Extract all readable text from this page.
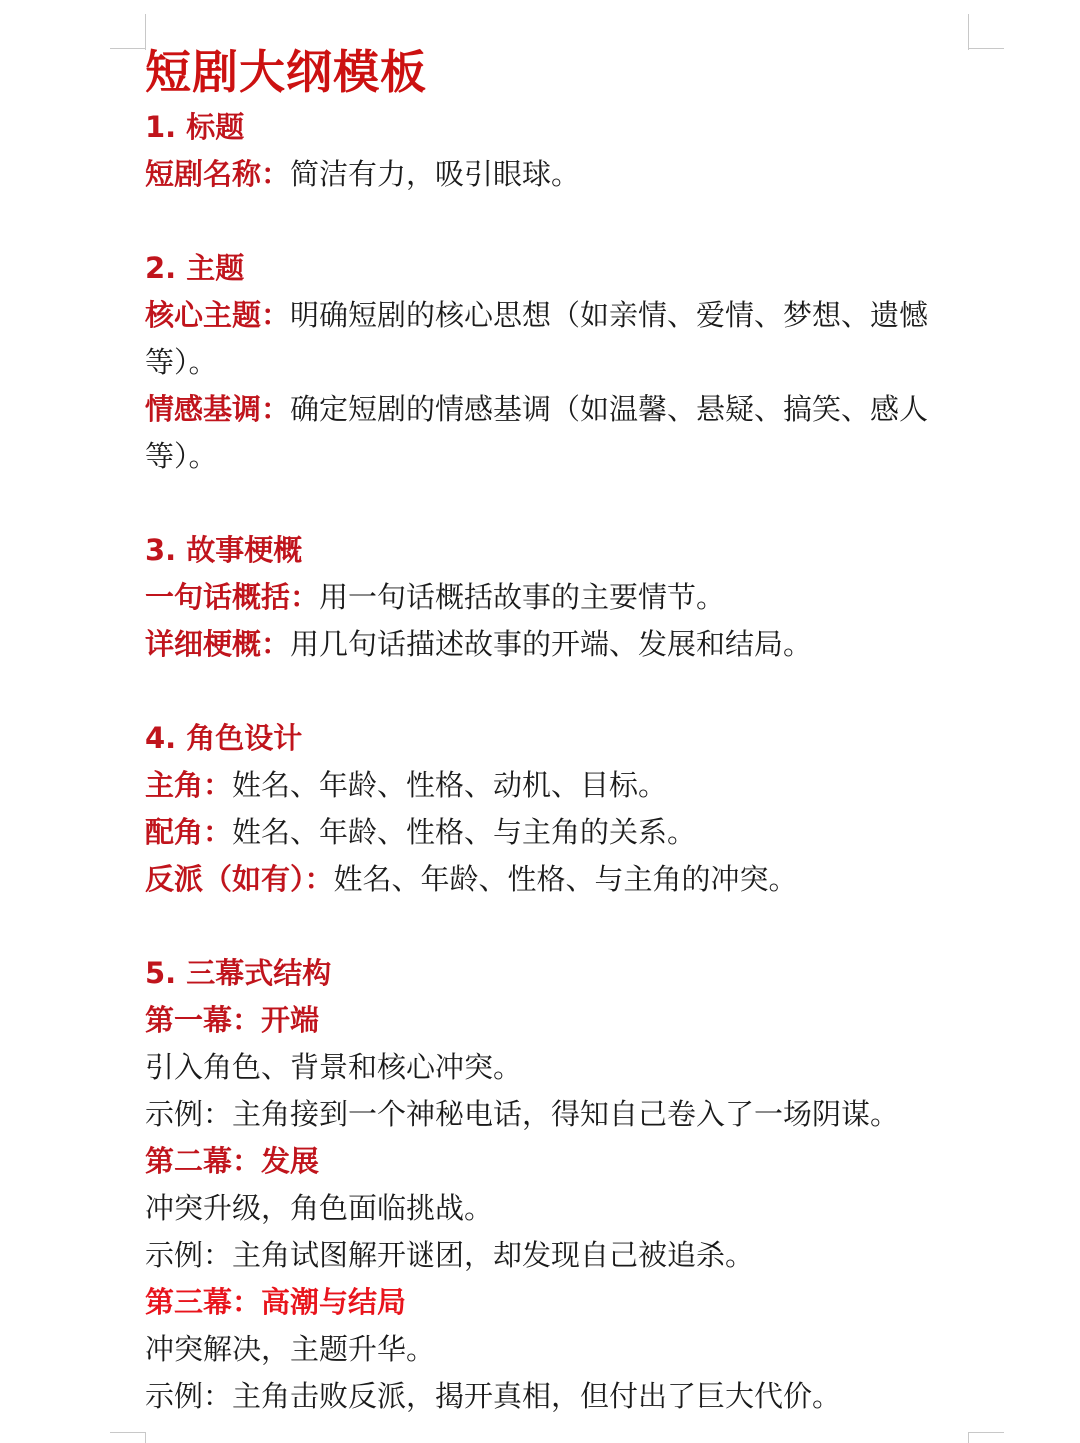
短剧大纲模板

1. 标题

短剧名称：简洁有力，吸引眼球。

2. 主题

核心主题：明确短剧的核心思想（如亲情、爱情、梦想、遗憾等）。

情感基调：确定短剧的情感基调（如温馨、悬疑、搞笑、感人等）。

3. 故事梗概

一句话概括：用一句话概括故事的主要情节。

详细梗概：用几句话描述故事的开端、发展和结局。

4. 角色设计

主角：姓名、年龄、性格、动机、目标。

配角：姓名、年龄、性格、与主角的关系。

反派（如有）：姓名、年龄、性格、与主角的冲突。

5. 三幕式结构

第一幕：开端

引入角色、背景和核心冲突。

示例：主角接到一个神秘电话，得知自己卷入了一场阴谋。

第二幕：发展

冲突升级，角色面临挑战。

示例：主角试图解开谜团，却发现自己被追杀。

第三幕：高潮与结局

冲突解决，主题升华。

示例：主角击败反派，揭开真相，但付出了巨大代价。
